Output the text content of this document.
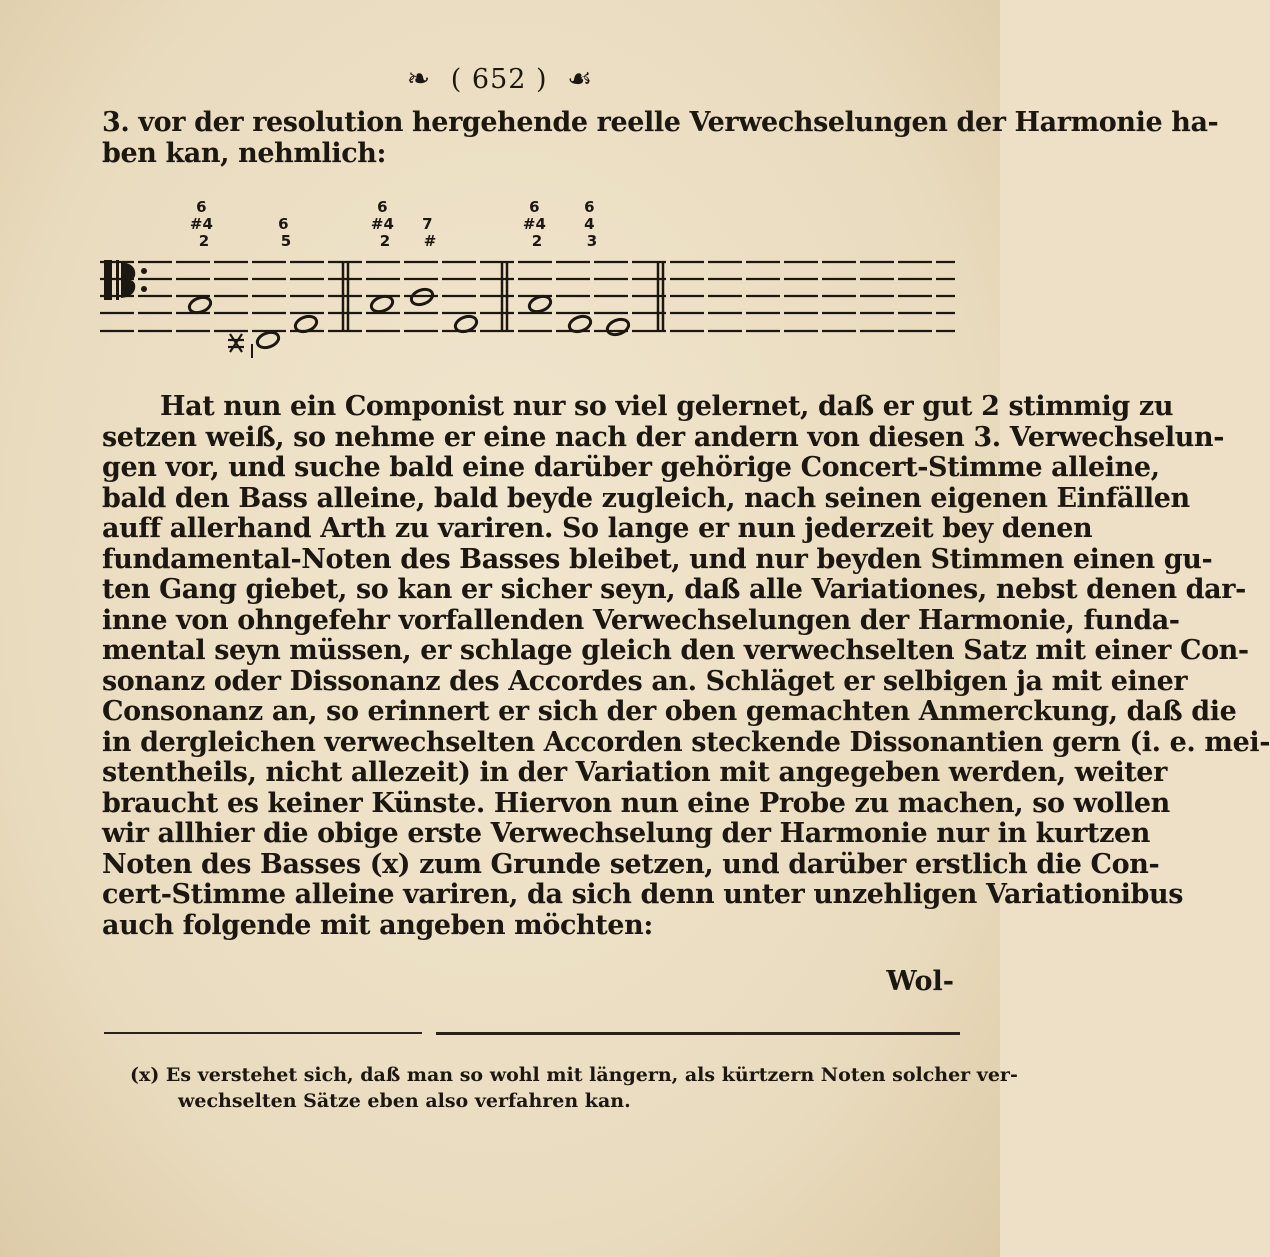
❧ ( 652 ) ☙
3. vor der resolution hergehende reelle Verwechselungen der Harmonie ha-
ben kan, nehmlich:
6 #4 2
6 5
6 #4 2
7 #
6 #4 2
6 4 3
Hat nun ein Componist nur so viel gelernet, daß er gut 2 stimmig zu
setzen weiß, so nehme er eine nach der andern von diesen 3. Verwechselun-
gen vor, und suche bald eine darüber gehörige Concert-Stimme alleine,
bald den Bass alleine, bald beyde zugleich, nach seinen eigenen Einfällen
auff allerhand Arth zu variren. So lange er nun jederzeit bey denen
fundamental-Noten des Basses bleibet, und nur beyden Stimmen einen gu-
ten Gang giebet, so kan er sicher seyn, daß alle Variationes, nebst denen dar-
inne von ohngefehr vorfallenden Verwechselungen der Harmonie, funda-
mental seyn müssen, er schlage gleich den verwechselten Satz mit einer Con-
sonanz oder Dissonanz des Accordes an. Schläget er selbigen ja mit einer
Consonanz an, so erinnert er sich der oben gemachten Anmerckung, daß die
in dergleichen verwechselten Accorden steckende Dissonantien gern (i. e. mei-
stentheils, nicht allezeit) in der Variation mit angegeben werden, weiter
braucht es keiner Künste. Hiervon nun eine Probe zu machen, so wollen
wir allhier die obige erste Verwechselung der Harmonie nur in kurtzen
Noten des Basses (x) zum Grunde setzen, und darüber erstlich die Con-
cert-Stimme alleine variren, da sich denn unter unzehligen Variationibus
auch folgende mit angeben möchten:
Wol-
(x) Es verstehet sich, daß man so wohl mit längern, als kürtzern Noten solcher ver-
wechselten Sätze eben also verfahren kan.
